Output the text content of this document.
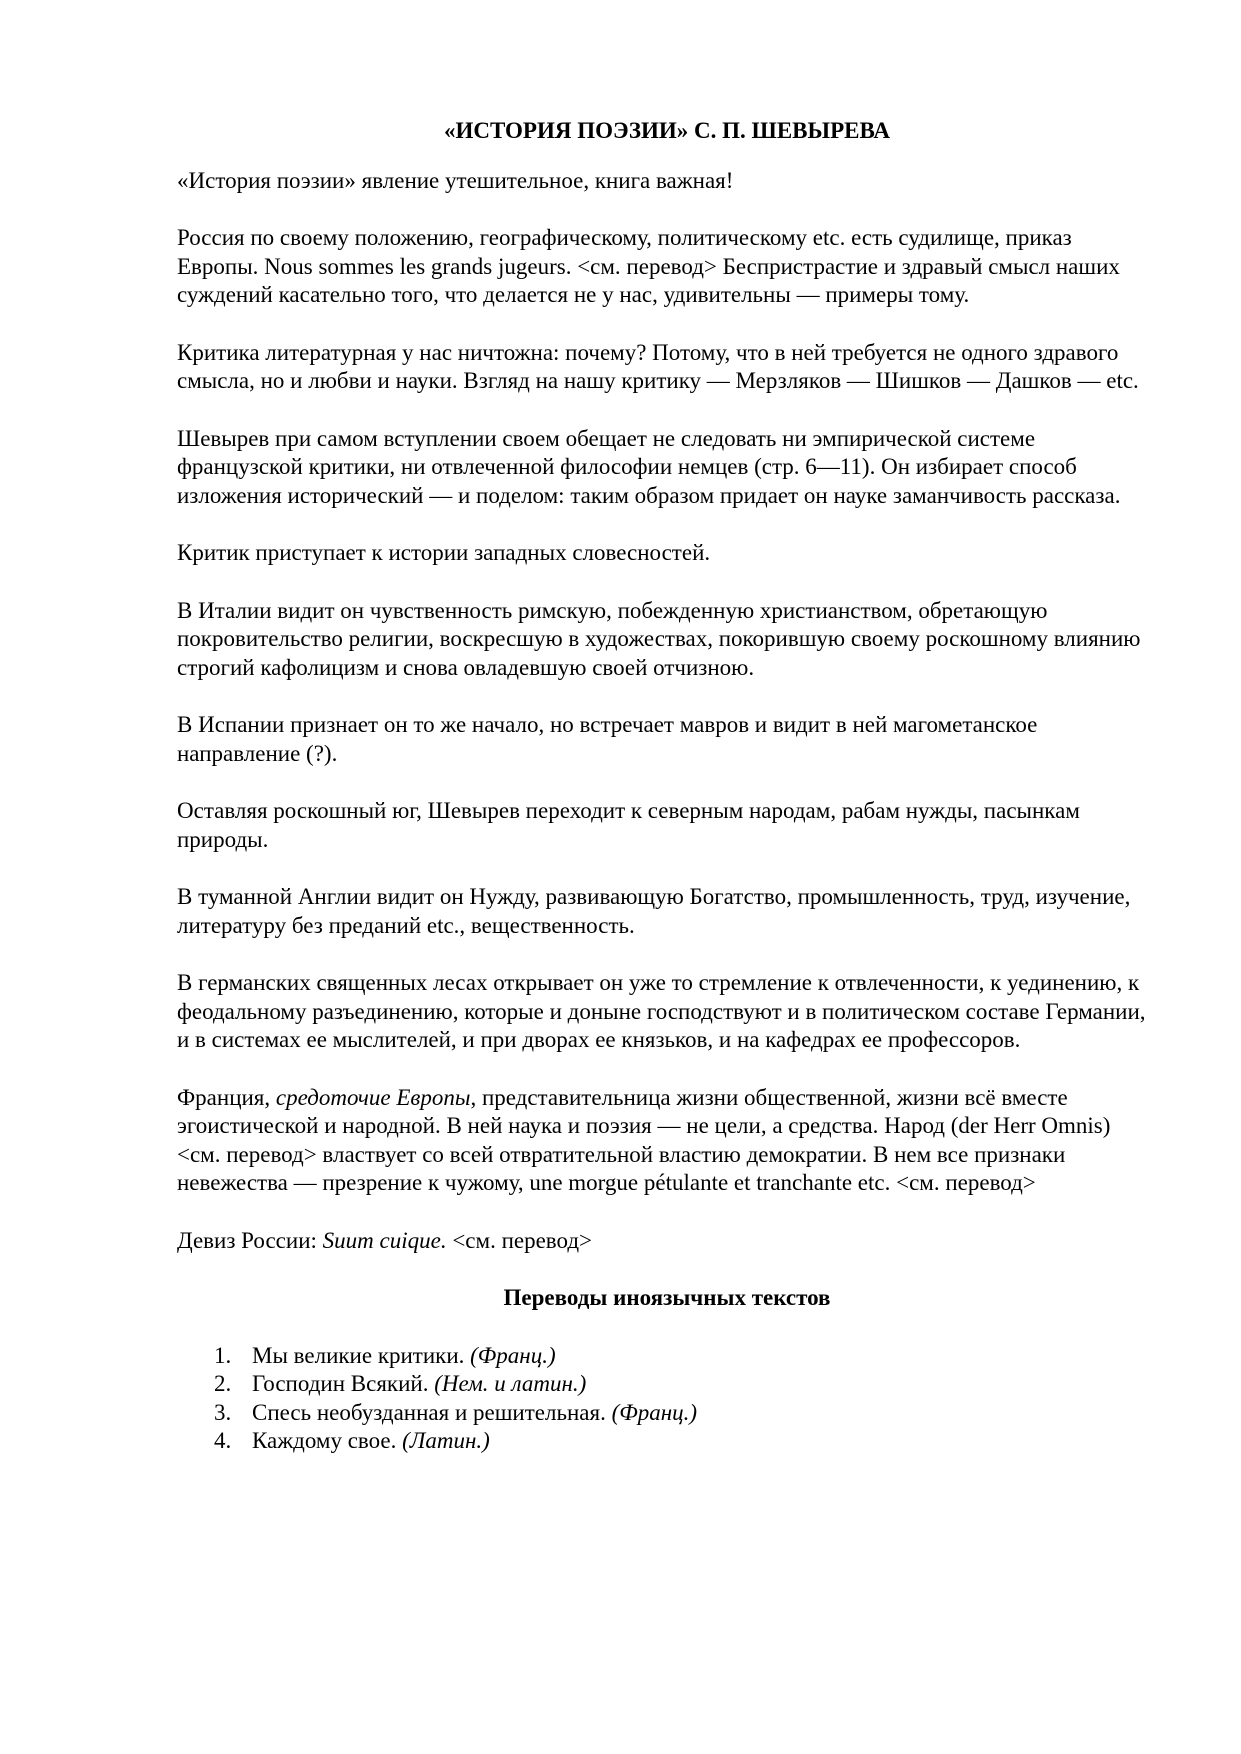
«ИСТОРИЯ ПОЭЗИИ» С. П. ШЕВЫРЕВА

«История поэзии» явление утешительное, книга важная!

Россия по своему положению, географическому, политическому etc. есть судилище, приказ Европы. Nous sommes les grands jugeurs. <см. перевод> Беспристрастие и здравый смысл наших суждений касательно того, что делается не у нас, удивительны — примеры тому.

Критика литературная у нас ничтожна: почему? Потому, что в ней требуется не одного здравого смысла, но и любви и науки. Взгляд на нашу критику — Мерзляков — Шишков — Дашков — etc.

Шевырев при самом вступлении своем обещает не следовать ни эмпирической системе французской критики, ни отвлеченной философии немцев (стр. 6—11). Он избирает способ изложения исторический — и поделом: таким образом придает он науке заманчивость рассказа.

Критик приступает к истории западных словесностей.

В Италии видит он чувственность римскую, побежденную христианством, обретающую покровительство религии, воскресшую в художествах, покорившую своему роскошному влиянию строгий кафолицизм и снова овладевшую своей отчизною.

В Испании признает он то же начало, но встречает мавров и видит в ней магометанское направление (?).

Оставляя роскошный юг, Шевырев переходит к северным народам, рабам нужды, пасынкам природы.

В туманной Англии видит он Нужду, развивающую Богатство, промышленность, труд, изучение, литературу без преданий etc., вещественность.

В германских священных лесах открывает он уже то стремление к отвлеченности, к уединению, к феодальному разъединению, которые и доныне господствуют и в политическом составе Германии, и в системах ее мыслителей, и при дворах ее князьков, и на кафедрах ее профессоров.

Франция, средоточие Европы, представительница жизни общественной, жизни всё вместе эгоистической и народной. В ней наука и поэзия — не цели, а средства. Народ (der Herr Omnis) <см. перевод> властвует со всей отвратительной властию демократии. В нем все признаки невежества — презрение к чужому, une morgue pétulante et tranchante etc. <см. перевод>

Девиз России: Suum cuique. <см. перевод>

Переводы иноязычных текстов
1. Мы великие критики. (Франц.)
2. Господин Всякий. (Нем. и латин.)
3. Спесь необузданная и решительная. (Франц.)
4. Каждому свое. (Латин.)
